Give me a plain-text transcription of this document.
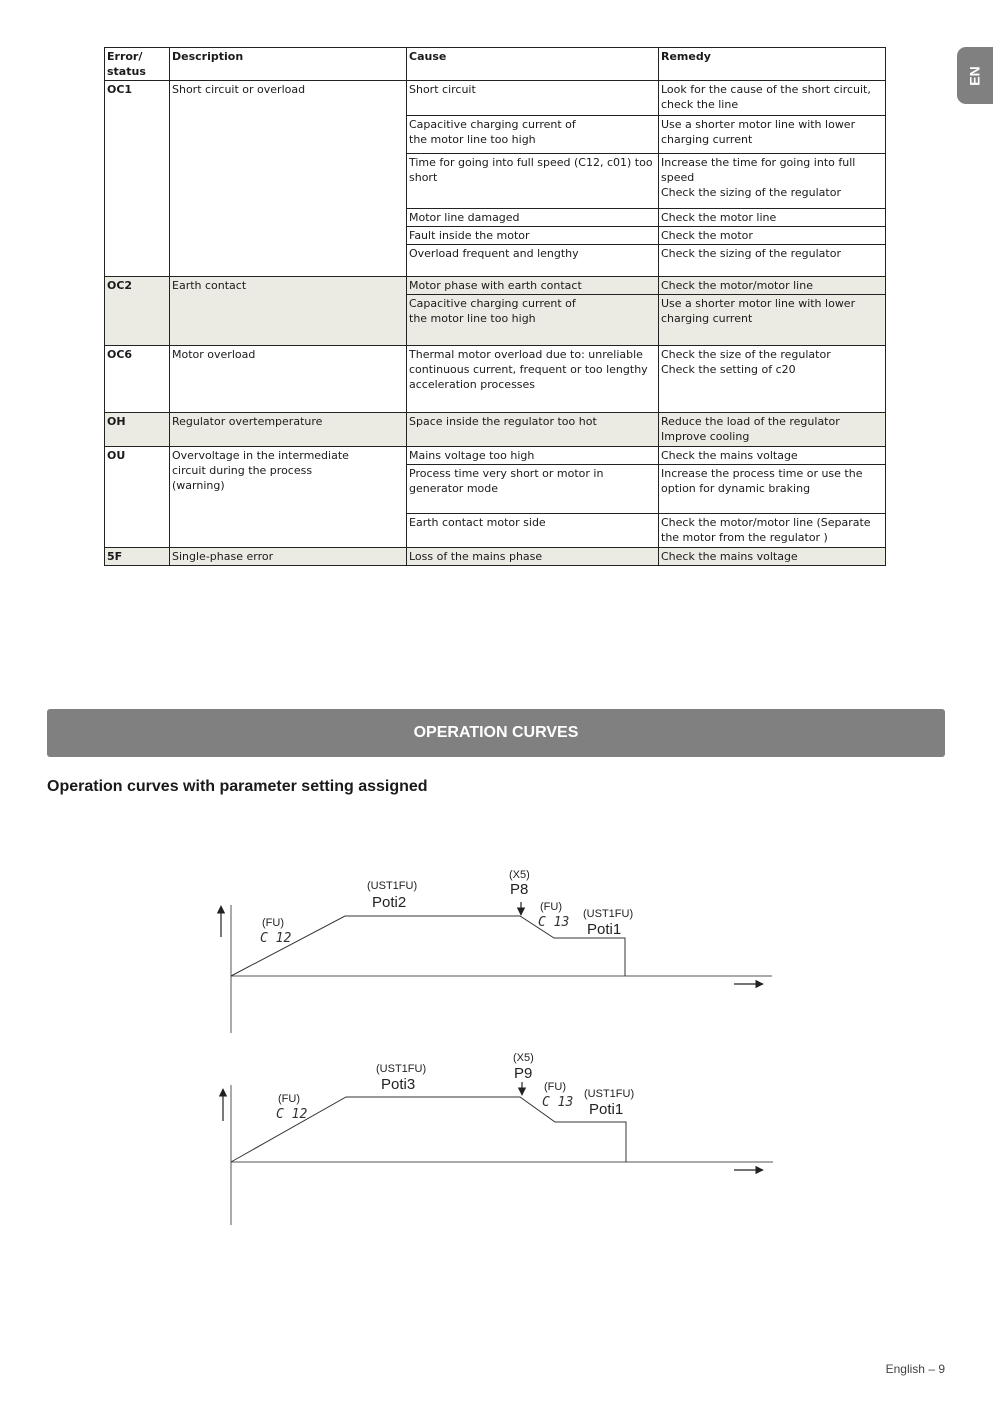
EN
Error/
status	Description	Cause	Remedy
OC1	Short circuit or overload	Short circuit	Look for the cause of the short circuit,
check the line
		Capacitive charging current of
the motor line too high	Use a shorter motor line with lower
charging current
		Time for going into full speed (C12, c01) too
short	Increase the time for going into full
speed
Check the sizing of the regulator
		Motor line damaged	Check the motor line
		Fault inside the motor	Check the motor
		Overload frequent and lengthy	Check the sizing of the regulator
OC2	Earth contact	Motor phase with earth contact	Check the motor/motor line
		Capacitive charging current of
the motor line too high	Use a shorter motor line with lower
charging current
OC6	Motor overload	Thermal motor overload due to: unreliable
continuous current, frequent or too lengthy
acceleration processes	Check the size of the regulator
Check the setting of c20
OH	Regulator overtemperature	Space inside the regulator too hot	Reduce the load of the regulator
Improve cooling
OU	Overvoltage in the intermediate
circuit during the process
(warning)	Mains voltage too high	Check the mains voltage
		Process time very short or motor in
generator mode	Increase the process time or use the
option for dynamic braking
		Earth contact motor side	Check the motor/motor line (Separate
the motor from the regulator )
5F	Single-phase error	Loss of the mains phase	Check the mains voltage
OPERATION CURVES
Operation curves with parameter setting assigned
(FU)
C 12
(UST1FU)
Poti2
(X5)
P8
(FU)
C 13
(UST1FU)
Poti1
(FU)
C 12
(UST1FU)
Poti3
(X5)
P9
(FU)
C 13
(UST1FU)
Poti1
English – 9
